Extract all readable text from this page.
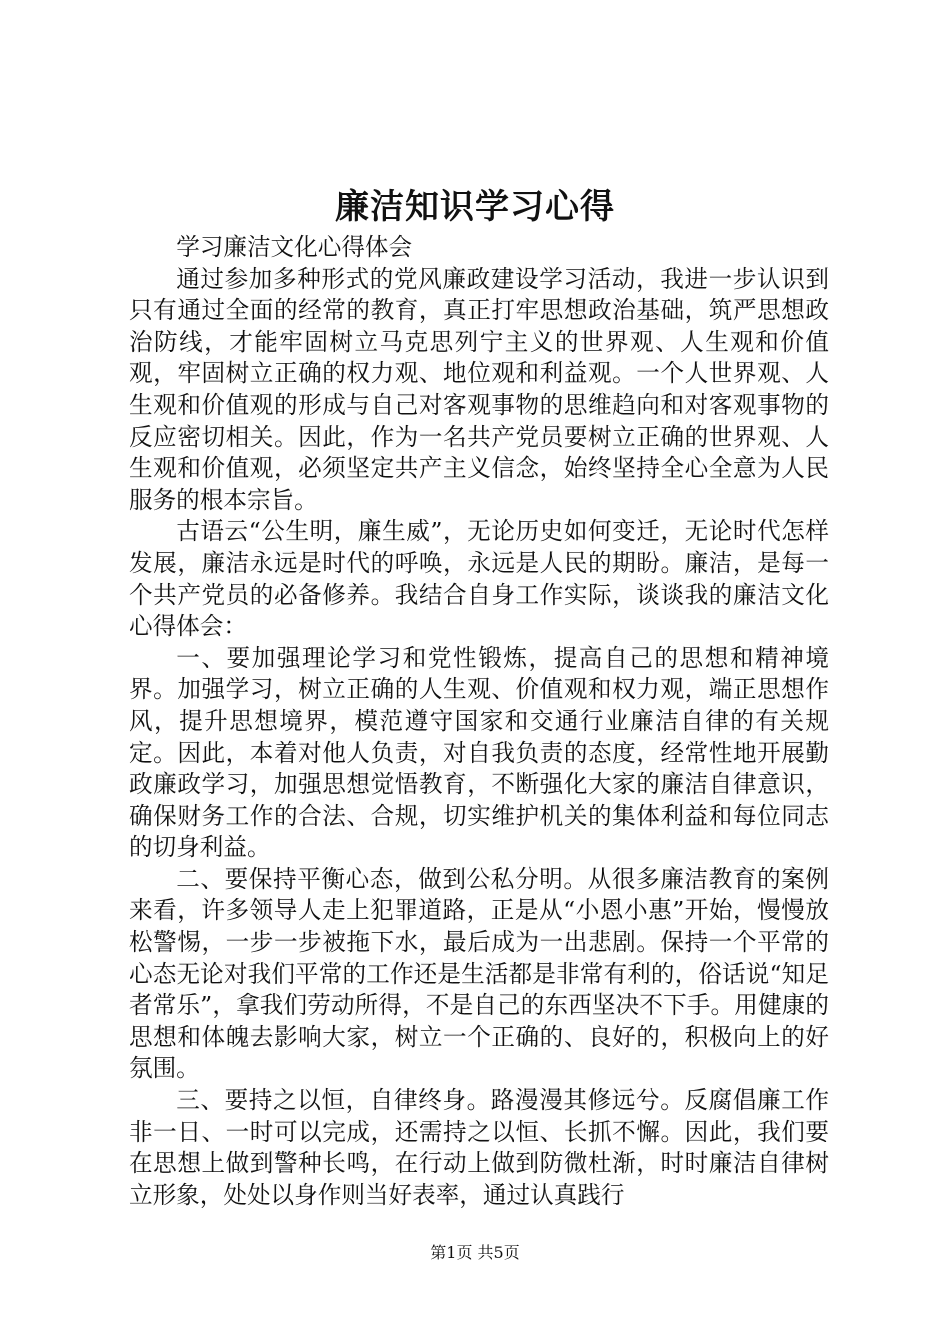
廉洁知识学习心得

学习廉洁文化心得体会

通过参加多种形式的党风廉政建设学习活动，我进一步认识到只有通过全面的经常的教育，真正打牢思想政治基础，筑严思想政治防线，才能牢固树立马克思列宁主义的世界观、人生观和价值观，牢固树立正确的权力观、地位观和利益观。一个人世界观、人生观和价值观的形成与自己对客观事物的思维趋向和对客观事物的反应密切相关。因此，作为一名共产党员要树立正确的世界观、人生观和价值观，必须坚定共产主义信念，始终坚持全心全意为人民服务的根本宗旨。

古语云“公生明，廉生威”，无论历史如何变迁，无论时代怎样发展，廉洁永远是时代的呼唤，永远是人民的期盼。廉洁，是每一个共产党员的必备修养。我结合自身工作实际，谈谈我的廉洁文化心得体会：

一、要加强理论学习和党性锻炼，提高自己的思想和精神境界。加强学习，树立正确的人生观、价值观和权力观，端正思想作风，提升思想境界，模范遵守国家和交通行业廉洁自律的有关规定。因此，本着对他人负责，对自我负责的态度，经常性地开展勤政廉政学习，加强思想觉悟教育，不断强化大家的廉洁自律意识，确保财务工作的合法、合规，切实维护机关的集体利益和每位同志的切身利益。

二、要保持平衡心态，做到公私分明。从很多廉洁教育的案例来看，许多领导人走上犯罪道路，正是从“小恩小惠”开始，慢慢放松警惕，一步一步被拖下水，最后成为一出悲剧。保持一个平常的心态无论对我们平常的工作还是生活都是非常有利的，俗话说“知足者常乐”，拿我们劳动所得，不是自己的东西坚决不下手。用健康的思想和体魄去影响大家，树立一个正确的、良好的，积极向上的好氛围。

三、要持之以恒，自律终身。路漫漫其修远兮。反腐倡廉工作非一日、一时可以完成，还需持之以恒、长抓不懈。因此，我们要在思想上做到警种长鸣，在行动上做到防微杜渐，时时廉洁自律树立形象，处处以身作则当好表率，通过认真践行

第1页 共5页
